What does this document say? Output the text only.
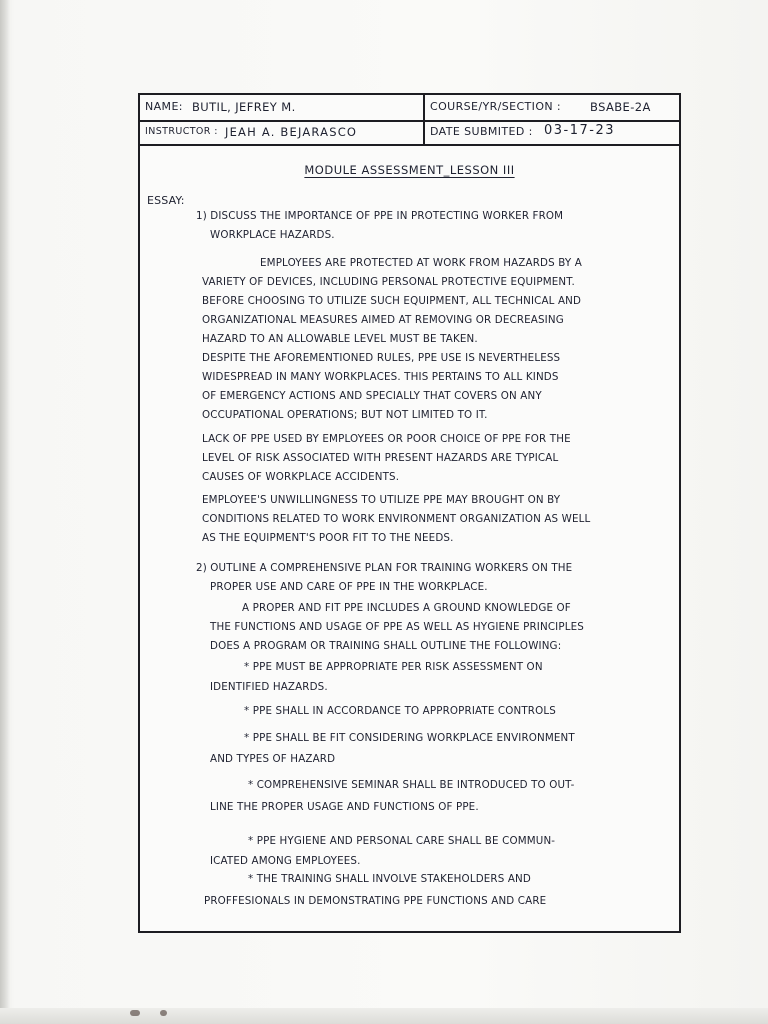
NAME: BUTIL, JEFREY M.	COURSE/YR/SECTION :	BSABE-2A
INSTRUCTOR : JEAH A. BEJARASCO	DATE SUBMITED : 03-17-23
MODULE ASSESSMENT_LESSON III
ESSAY:
1) DISCUSS THE IMPORTANCE OF PPE IN PROTECTING WORKER FROM
WORKPLACE HAZARDS.
EMPLOYEES ARE PROTECTED AT WORK FROM HAZARDS BY A
VARIETY OF DEVICES, INCLUDING PERSONAL PROTECTIVE EQUIPMENT.
BEFORE CHOOSING TO UTILIZE SUCH EQUIPMENT, ALL TECHNICAL AND
ORGANIZATIONAL MEASURES AIMED AT REMOVING OR DECREASING
HAZARD TO AN ALLOWABLE LEVEL MUST BE TAKEN.
DESPITE THE AFOREMENTIONED RULES, PPE USE IS NEVERTHELESS
WIDESPREAD IN MANY WORKPLACES. THIS PERTAINS TO ALL KINDS
OF EMERGENCY ACTIONS AND SPECIALLY THAT COVERS ON ANY
OCCUPATIONAL OPERATIONS; BUT NOT LIMITED TO IT.
LACK OF PPE USED BY EMPLOYEES OR POOR CHOICE OF PPE FOR THE
LEVEL OF RISK ASSOCIATED WITH PRESENT HAZARDS ARE TYPICAL
CAUSES OF WORKPLACE ACCIDENTS.
EMPLOYEE'S UNWILLINGNESS TO UTILIZE PPE MAY BROUGHT ON BY
CONDITIONS RELATED TO WORK ENVIRONMENT ORGANIZATION AS WELL
AS THE EQUIPMENT'S POOR FIT TO THE NEEDS.
2) OUTLINE A COMPREHENSIVE PLAN FOR TRAINING WORKERS ON THE
PROPER USE AND CARE OF PPE IN THE WORKPLACE.
A PROPER AND FIT PPE INCLUDES A GROUND KNOWLEDGE OF
THE FUNCTIONS AND USAGE OF PPE AS WELL AS HYGIENE PRINCIPLES
DOES A PROGRAM OR TRAINING SHALL OUTLINE THE FOLLOWING:
* PPE MUST BE APPROPRIATE PER RISK ASSESSMENT ON
IDENTIFIED HAZARDS.
* PPE SHALL IN ACCORDANCE TO APPROPRIATE CONTROLS
* PPE SHALL BE FIT CONSIDERING WORKPLACE ENVIRONMENT
AND TYPES OF HAZARD
* COMPREHENSIVE SEMINAR SHALL BE INTRODUCED TO OUT-
LINE THE PROPER USAGE AND FUNCTIONS OF PPE.
* PPE HYGIENE AND PERSONAL CARE SHALL BE COMMUN-
ICATED AMONG EMPLOYEES.
* THE TRAINING SHALL INVOLVE STAKEHOLDERS AND
PROFFESIONALS IN DEMONSTRATING PPE FUNCTIONS AND CARE
